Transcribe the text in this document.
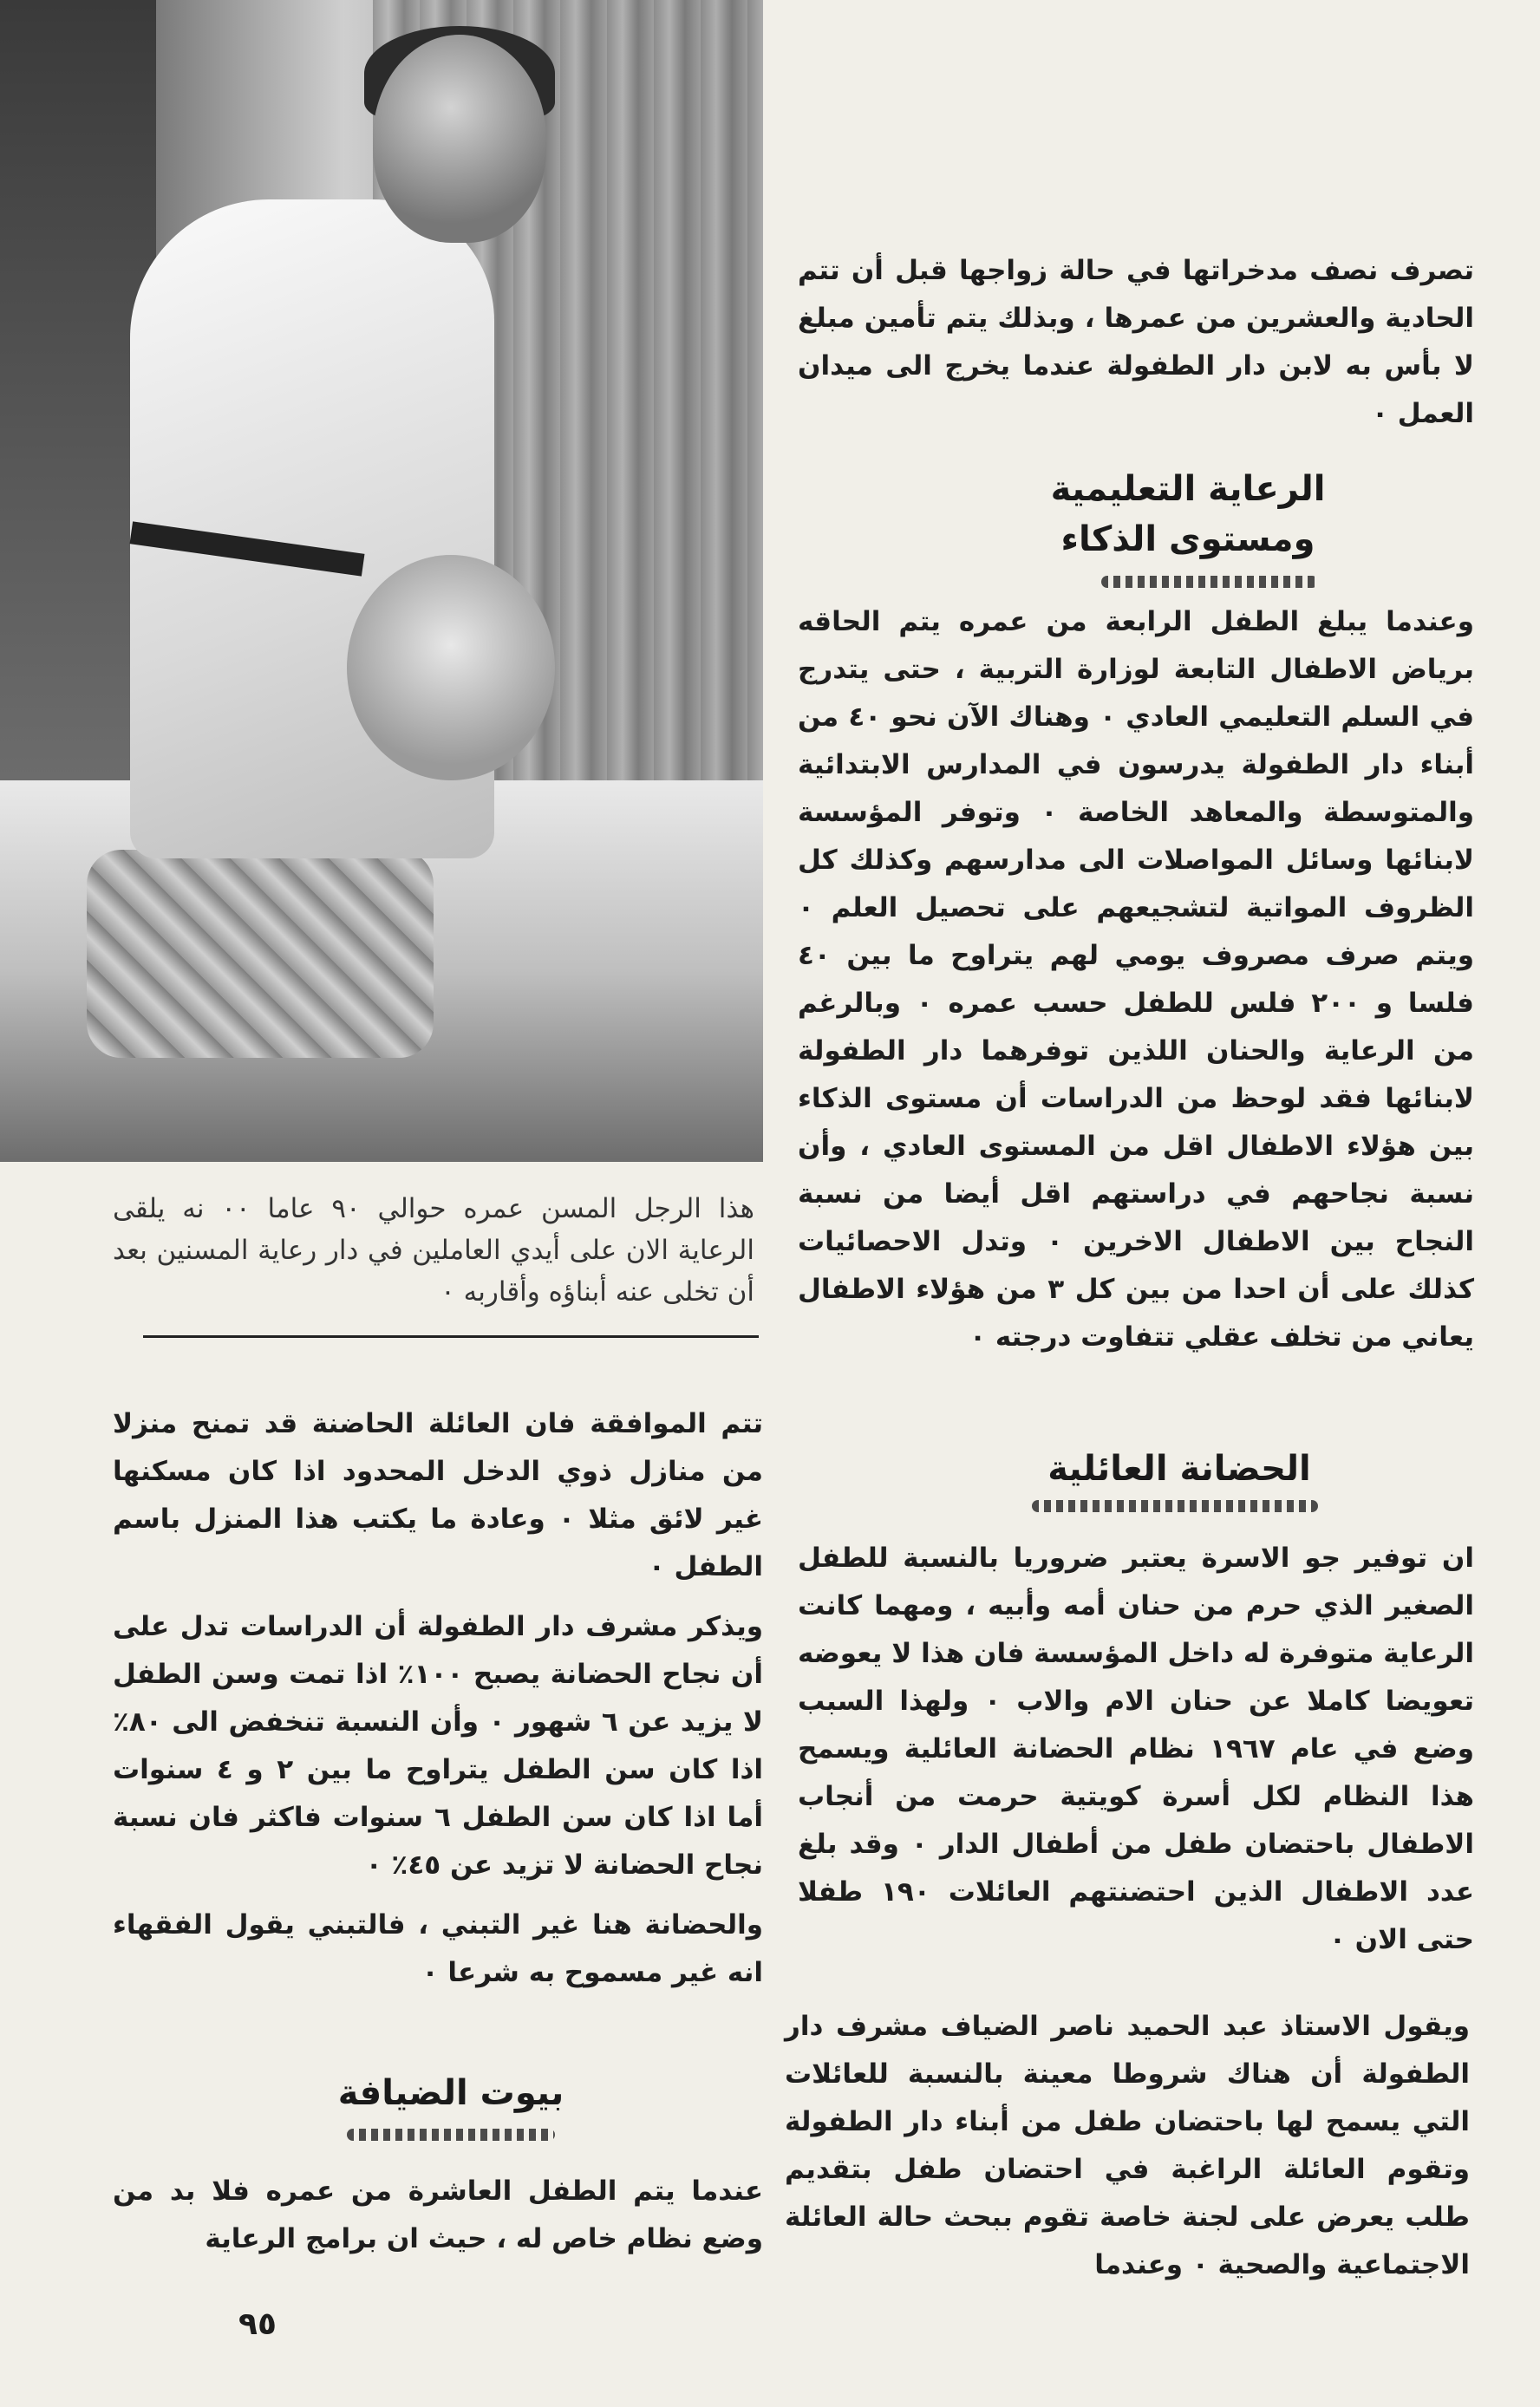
هذا الرجل المسن عمره حوالي ٩٠ عاما ٠٠ نه يلقى الرعاية الان على أيدي العاملين في دار رعاية المسنين بعد أن تخلى عنه أبناؤه وأقاربه ٠

تصرف نصف مدخراتها في حالة زواجها قبل أن تتم الحادية والعشرين من عمرها ، وبذلك يتم تأمين مبلغ لا بأس به لابن دار الطفولة عندما يخرج الى ميدان العمل ٠

الرعاية التعليمية
ومستوى الذكاء

وعندما يبلغ الطفل الرابعة من عمره يتم الحاقه برياض الاطفال التابعة لوزارة التربية ، حتى يتدرج في السلم التعليمي العادي ٠ وهناك الآن نحو ٤٠ من أبناء دار الطفولة يدرسون في المدارس الابتدائية والمتوسطة والمعاهد الخاصة ٠ وتوفر المؤسسة لابنائها وسائل المواصلات الى مدارسهم وكذلك كل الظروف المواتية لتشجيعهم على تحصيل العلم ٠ ويتم صرف مصروف يومي لهم يتراوح ما بين ٤٠ فلسا و ٢٠٠ فلس للطفل حسب عمره ٠ وبالرغم من الرعاية والحنان اللذين توفرهما دار الطفولة لابنائها فقد لوحظ من الدراسات أن مستوى الذكاء بين هؤلاء الاطفال اقل من المستوى العادي ، وأن نسبة نجاحهم في دراستهم اقل أيضا من نسبة النجاح بين الاطفال الاخرين ٠ وتدل الاحصائيات كذلك على أن احدا من بين كل ٣ من هؤلاء الاطفال يعاني من تخلف عقلي تتفاوت درجته ٠

الحضانة العائلية

ان توفير جو الاسرة يعتبر ضروريا بالنسبة للطفل الصغير الذي حرم من حنان أمه وأبيه ، ومهما كانت الرعاية متوفرة له داخل المؤسسة فان هذا لا يعوضه تعويضا كاملا عن حنان الام والاب ٠ ولهذا السبب وضع في عام ١٩٦٧ نظام الحضانة العائلية ويسمح هذا النظام لكل أسرة كويتية حرمت من أنجاب الاطفال باحتضان طفل من أطفال الدار ٠ وقد بلغ عدد الاطفال الذين احتضنتهم العائلات ١٩٠ طفلا حتى الان ٠

ويقول الاستاذ عبد الحميد ناصر الضياف مشرف دار الطفولة أن هناك شروطا معينة بالنسبة للعائلات التي يسمح لها باحتضان طفل من أبناء دار الطفولة وتقوم العائلة الراغبة في احتضان طفل بتقديم طلب يعرض على لجنة خاصة تقوم ببحث حالة العائلة الاجتماعية والصحية ٠ وعندما

تتم الموافقة فان العائلة الحاضنة قد تمنح منزلا من منازل ذوي الدخل المحدود اذا كان مسكنها غير لائق مثلا ٠ وعادة ما يكتب هذا المنزل باسم الطفل ٠

ويذكر مشرف دار الطفولة أن الدراسات تدل على أن نجاح الحضانة يصبح ١٠٠٪ اذا تمت وسن الطفل لا يزيد عن ٦ شهور ٠ وأن النسبة تنخفض الى ٨٠٪ اذا كان سن الطفل يتراوح ما بين ٢ و ٤ سنوات أما اذا كان سن الطفل ٦ سنوات فاكثر فان نسبة نجاح الحضانة لا تزيد عن ٤٥٪ ٠

والحضانة هنا غير التبني ، فالتبني يقول الفقهاء انه غير مسموح به شرعا ٠

بيوت الضيافة

عندما يتم الطفل العاشرة من عمره فلا بد من وضع نظام خاص له ، حيث ان برامج الرعاية

٩٥
